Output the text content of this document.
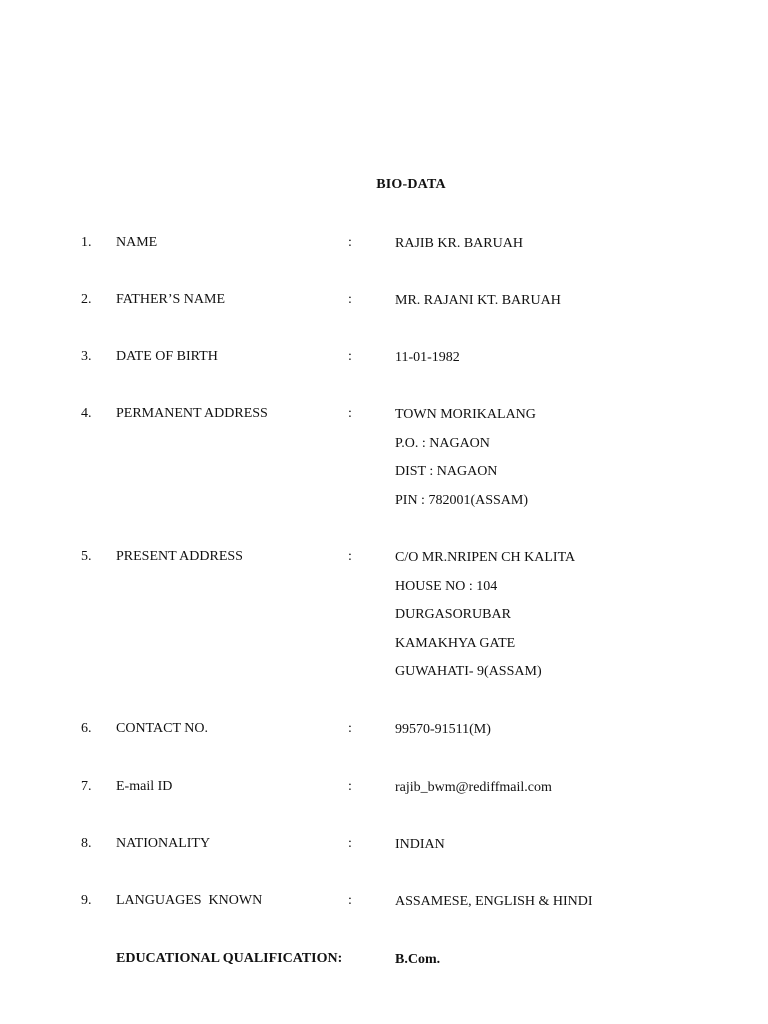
BIO-DATA
1. NAME	:	RAJIB KR. BARUAH
2. FATHER’S NAME	:	MR. RAJANI KT. BARUAH
3. DATE OF BIRTH	:	11-01-1982
4. PERMANENT ADDRESS	:	TOWN MORIKALANG
P.O. : NAGAON
DIST : NAGAON
PIN : 782001(ASSAM)
5. PRESENT ADDRESS	:	C/O MR.NRIPEN CH KALITA
HOUSE NO : 104
DURGASORUBAR
KAMAKHYA GATE
GUWAHATI- 9(ASSAM)
6. CONTACT NO.	:	99570-91511(M)
7. E-mail ID	:	rajib_bwm@rediffmail.com
8. NATIONALITY	:	INDIAN
9. LANGUAGES  KNOWN	:	ASSAMESE, ENGLISH & HINDI
EDUCATIONAL QUALIFICATION:	B.Com.
